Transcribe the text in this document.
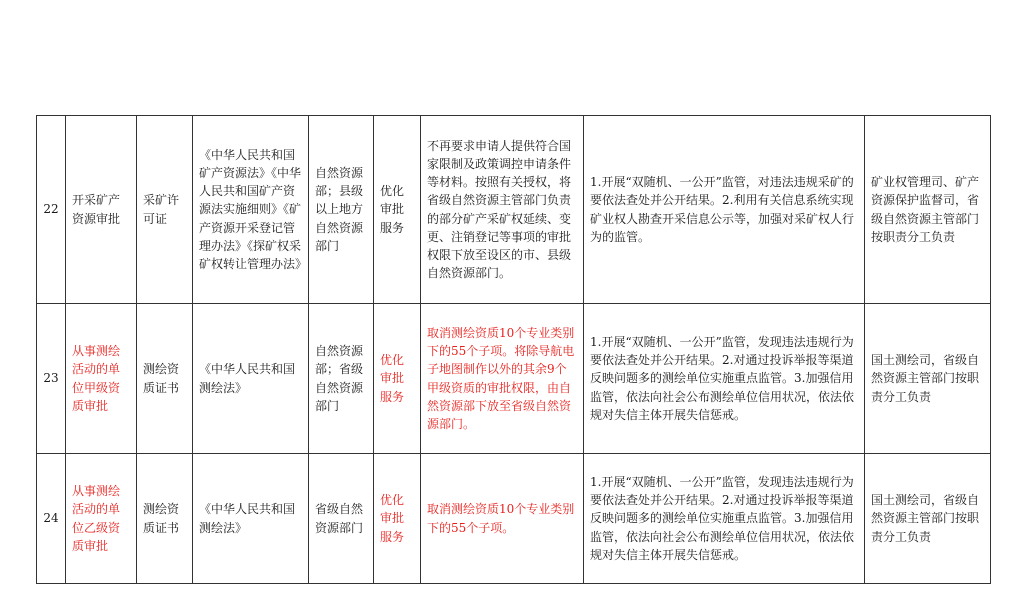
22	开采矿产资源审批	采矿许可证	《中华人民共和国矿产资源法》《中华人民共和国矿产资源法实施细则》《矿产资源开采登记管理办法》《探矿权采矿权转让管理办法》	自然资源部；县级以上地方自然资源部门	优化审批服务	不再要求申请人提供符合国家限制及政策调控申请条件等材料。按照有关授权，将省级自然资源主管部门负责的部分矿产采矿权延续、变更、注销登记等事项的审批权限下放至设区的市、县级自然资源部门。	1.开展“双随机、一公开”监管，对违法违规采矿的要依法查处并公开结果。2.利用有关信息系统实现矿业权人勘查开采信息公示等，加强对采矿权人行为的监管。	矿业权管理司、矿产资源保护监督司，省级自然资源主管部门按职责分工负责

23	从事测绘活动的单位甲级资质审批	测绘资质证书	《中华人民共和国测绘法》	自然资源部；省级自然资源部门	优化审批服务	取消测绘资质10个专业类别下的55个子项。将除导航电子地图制作以外的其余9个甲级资质的审批权限，由自然资源部下放至省级自然资源部门。	1.开展“双随机、一公开”监管，发现违法违规行为要依法查处并公开结果。2.对通过投诉举报等渠道反映问题多的测绘单位实施重点监管。3.加强信用监管，依法向社会公布测绘单位信用状况，依法依规对失信主体开展失信惩戒。	国土测绘司，省级自然资源主管部门按职责分工负责

24	从事测绘活动的单位乙级资质审批	测绘资质证书	《中华人民共和国测绘法》	省级自然资源部门	优化审批服务	取消测绘资质10个专业类别下的55个子项。	1.开展“双随机、一公开”监管，发现违法违规行为要依法查处并公开结果。2.对通过投诉举报等渠道反映问题多的测绘单位实施重点监管。3.加强信用监管，依法向社会公布测绘单位信用状况，依法依规对失信主体开展失信惩戒。	国土测绘司，省级自然资源主管部门按职责分工负责
